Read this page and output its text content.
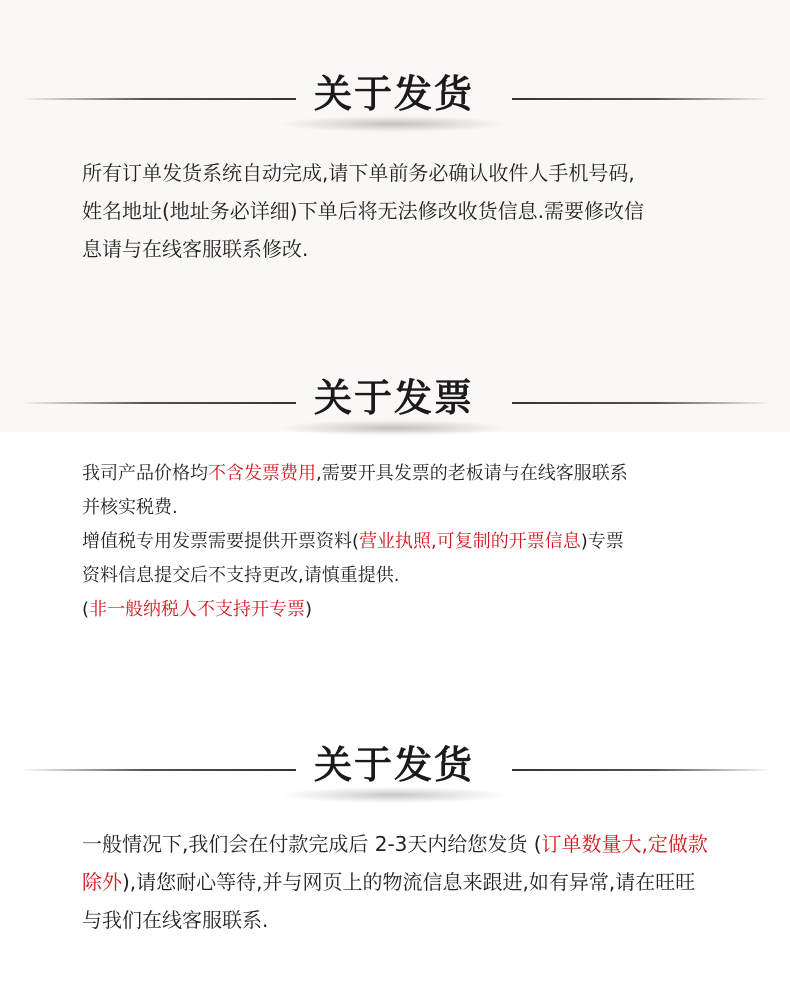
关于发货
所有订单发货系统自动完成,请下单前务必确认收件人手机号码,
姓名地址(地址务必详细)下单后将无法修改收货信息.需要修改信
息请与在线客服联系修改.
关于发票
我司产品价格均不含发票费用,需要开具发票的老板请与在线客服联系
并核实税费.
增值税专用发票需要提供开票资料(营业执照,可复制的开票信息)专票
资料信息提交后不支持更改,请慎重提供.
(非一般纳税人不支持开专票)
关于发货
一般情况下,我们会在付款完成后 2-3天内给您发货 (订单数量大,定做款
除外),请您耐心等待,并与网页上的物流信息来跟进,如有异常,请在旺旺
与我们在线客服联系.
